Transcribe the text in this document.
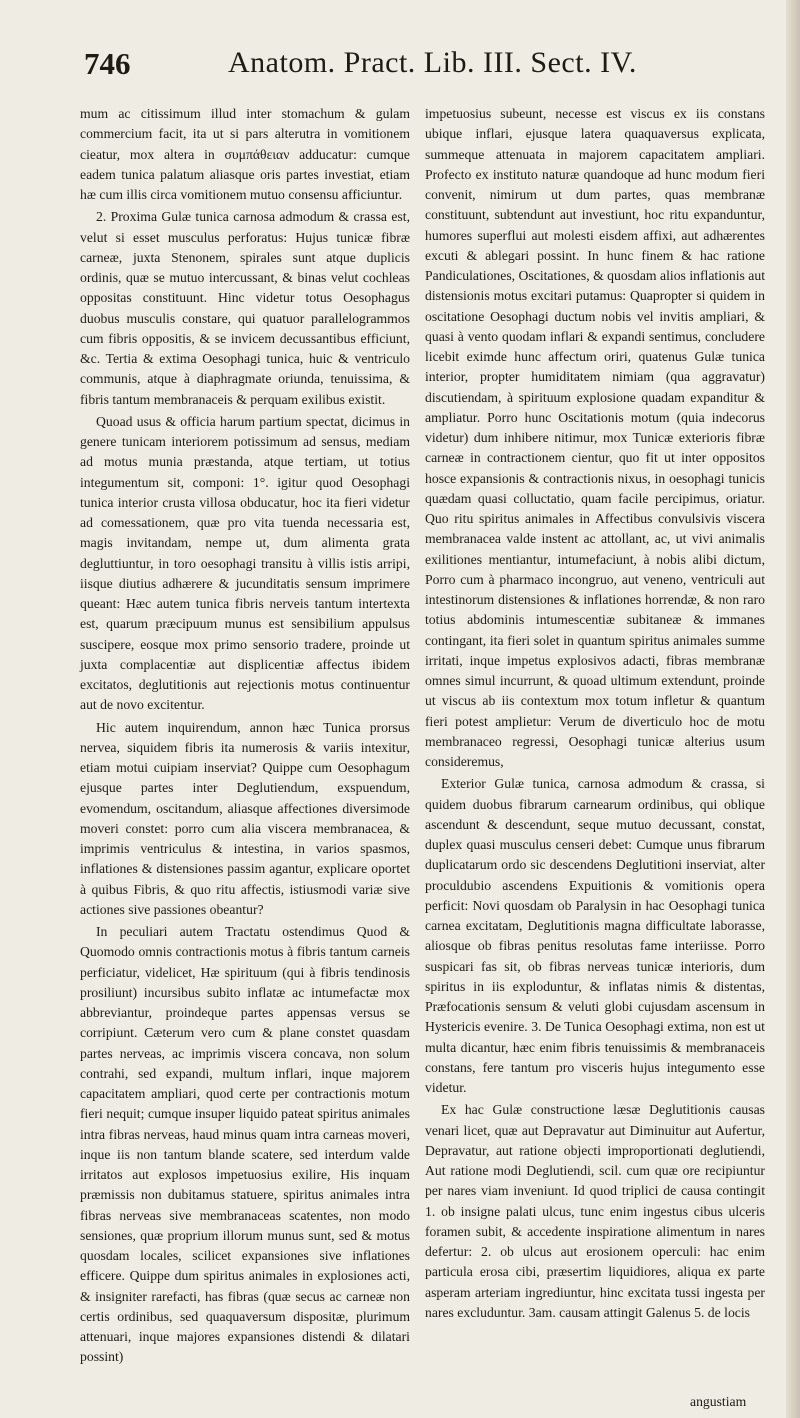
746	Anatom. Pract. Lib. III. Sect. IV.

mum ac citissimum illud inter stomachum & gulam commercium facit, ita ut si pars alterutra in vomitionem cieatur, mox altera in συμπάθειαν adducatur: cumque eadem tunica palatum aliasque oris partes investiat, etiam hæ cum illis circa vomitionem mutuo consensu afficiuntur.

2. Proxima Gulæ tunica carnosa admodum & crassa est, velut si esset musculus perforatus: Hujus tunicæ fibræ carneæ, juxta Stenonem, spirales sunt atque duplicis ordinis, quæ se mutuo intercussant, & binas velut cochleas oppositas constituunt. Hinc videtur totus Oesophagus duobus musculis constare, qui quatuor parallelogrammos cum fibris oppositis, & se invicem decussantibus efficiunt, &c. Tertia & extima Oesophagi tunica, huic & ventriculo communis, atque à diaphragmate oriunda, tenuissima, & fibris tantum membranaceis & perquam exilibus existit.

Quoad usus & officia harum partium spectat, dicimus in genere tunicam interiorem potissimum ad sensus, mediam ad motus munia præstanda, atque tertiam, ut totius integumentum sit, componi: 1°. igitur quod Oesophagi tunica interior crusta villosa obducatur, hoc ita fieri videtur ad comessationem, quæ pro vita tuenda necessaria est, magis invitandam, nempe ut, dum alimenta grata degluttiuntur, in toro oesophagi transitu à villis istis arripi, iisque diutius adhærere & jucunditatis sensum imprimere queant: Hæc autem tunica fibris nerveis tantum intertexta est, quarum præcipuum munus est sensibilium appulsus suscipere, eosque mox primo sensorio tradere, proinde ut juxta complacentiæ aut displicentiæ affectus ibidem excitatos, deglutitionis aut rejectionis motus continuentur aut de novo excitentur.

Hic autem inquirendum, annon hæc Tunica prorsus nervea, siquidem fibris ita numerosis & variis intexitur, etiam motui cuipiam inserviat? Quippe cum Oesophagum ejusque partes inter Deglutiendum, exspuendum, evomendum, oscitandum, aliasque affectiones diversimode moveri constet: porro cum alia viscera membranacea, & imprimis ventriculus & intestina, in varios spasmos, inflationes & distensiones passim agantur, explicare oportet à quibus Fibris, & quo ritu affectis, istiusmodi variæ sive actiones sive passiones obeantur?

In peculiari autem Tractatu ostendimus Quod & Quomodo omnis contractionis motus à fibris tantum carneis perficiatur, videlicet, Hæ spirituum (qui à fibris tendinosis prosiliunt) incursibus subito inflatæ ac intumefactæ mox abbreviantur, proindeque partes appensas versus se corripiunt. Cæterum vero cum & plane constet quasdam partes nerveas, ac imprimis viscera concava, non solum contrahi, sed expandi, multum inflari, inque majorem capacitatem ampliari, quod certe per contractionis motum fieri nequit; cumque insuper liquido pateat spiritus animales intra fibras nerveas, haud minus quam intra carneas moveri, inque iis non tantum blande scatere, sed interdum valde irritatos aut explosos impetuosius exilire, His inquam præmissis non dubitamus statuere, spiritus animales intra fibras nerveas sive membranaceas scatentes, non modo sensiones, quæ proprium illorum munus sunt, sed & motus quosdam locales, scilicet expansiones sive inflationes efficere. Quippe dum spiritus animales in explosiones acti, & insigniter rarefacti, has fibras (quæ secus ac carneæ non certis ordinibus, sed quaquaversum dispositæ, plurimum attenuari, inque majores expansiones distendi & dilatari possint)

impetuosius subeunt, necesse est viscus ex iis constans ubique inflari, ejusque latera quaquaversus explicata, summeque attenuata in majorem capacitatem ampliari. Profecto ex instituto naturæ quandoque ad hunc modum fieri convenit, nimirum ut dum partes, quas membranæ constituunt, subtendunt aut investiunt, hoc ritu expanduntur, humores superflui aut molesti eisdem affixi, aut adhærentes excuti & ablegari possint. In hunc finem & hac ratione Pandiculationes, Oscitationes, & quosdam alios inflationis aut distensionis motus excitari putamus: Quapropter si quidem in oscitatione Oesophagi ductum nobis vel invitis ampliari, & quasi à vento quodam inflari & expandi sentimus, concludere licebit eximde hunc affectum oriri, quatenus Gulæ tunica interior, propter humiditatem nimiam (qua aggravatur) discutiendam, à spirituum explosione quadam expanditur & ampliatur. Porro hunc Oscitationis motum (quia indecorus videtur) dum inhibere nitimur, mox Tunicæ exterioris fibræ carneæ in contractionem cientur, quo fit ut inter oppositos hosce expansionis & contractionis nixus, in oesophagi tunicis quædam quasi colluctatio, quam facile percipimus, oriatur. Quo ritu spiritus animales in Affectibus convulsivis viscera membranacea valde instent ac attollant, ac, ut vivi animalis exilitiones mentiantur, intumefaciunt, à nobis alibi dictum, Porro cum à pharmaco incongruo, aut veneno, ventriculi aut intestinorum distensiones & inflationes horrendæ, & non raro totius abdominis intumescentiæ subitaneæ & immanes contingant, ita fieri solet in quantum spiritus animales summe irritati, inque impetus explosivos adacti, fibras membranæ omnes simul incurrunt, & quoad ultimum extendunt, proinde ut viscus ab iis contextum mox totum infletur & quantum fieri potest amplietur: Verum de diverticulo hoc de motu membranaceo regressi, Oesophagi tunicæ alterius usum consideremus,

Exterior Gulæ tunica, carnosa admodum & crassa, si quidem duobus fibrarum carnearum ordinibus, qui oblique ascendunt & descendunt, seque mutuo decussant, constat, duplex quasi musculus censeri debet: Cumque unus fibrarum duplicatarum ordo sic descendens Deglutitioni inserviat, alter proculdubio ascendens Expuitionis & vomitionis opera perficit: Novi quosdam ob Paralysin in hac Oesophagi tunica carnea excitatam, Deglutitionis magna difficultate laborasse, aliosque ob fibras penitus resolutas fame interiisse. Porro suspicari fas sit, ob fibras nerveas tunicæ interioris, dum spiritus in iis exploduntur, & inflatas nimis & distentas, Præfocationis sensum & veluti globi cujusdam ascensum in Hystericis evenire. 3. De Tunica Oesophagi extima, non est ut multa dicantur, hæc enim fibris tenuissimis & membranaceis constans, fere tantum pro visceris hujus integumento esse videtur.

Ex hac Gulæ constructione læsæ Deglutitionis causas venari licet, quæ aut Depravatur aut Diminuitur aut Aufertur, Depravatur, aut ratione objecti improportionati deglutiendi, Aut ratione modi Deglutiendi, scil. cum quæ ore recipiuntur per nares viam inveniunt. Id quod triplici de causa contingit 1. ob insigne palati ulcus, tunc enim ingestus cibus ulceris foramen subit, & accedente inspiratione alimentum in nares defertur: 2. ob ulcus aut erosionem operculi: hac enim particula erosa cibi, præsertim liquidiores, aliqua ex parte asperam arteriam ingrediuntur, hinc excitata tussi ingesta per nares excluduntur. 3am. causam attingit Galenus 5. de locis

angustiam
